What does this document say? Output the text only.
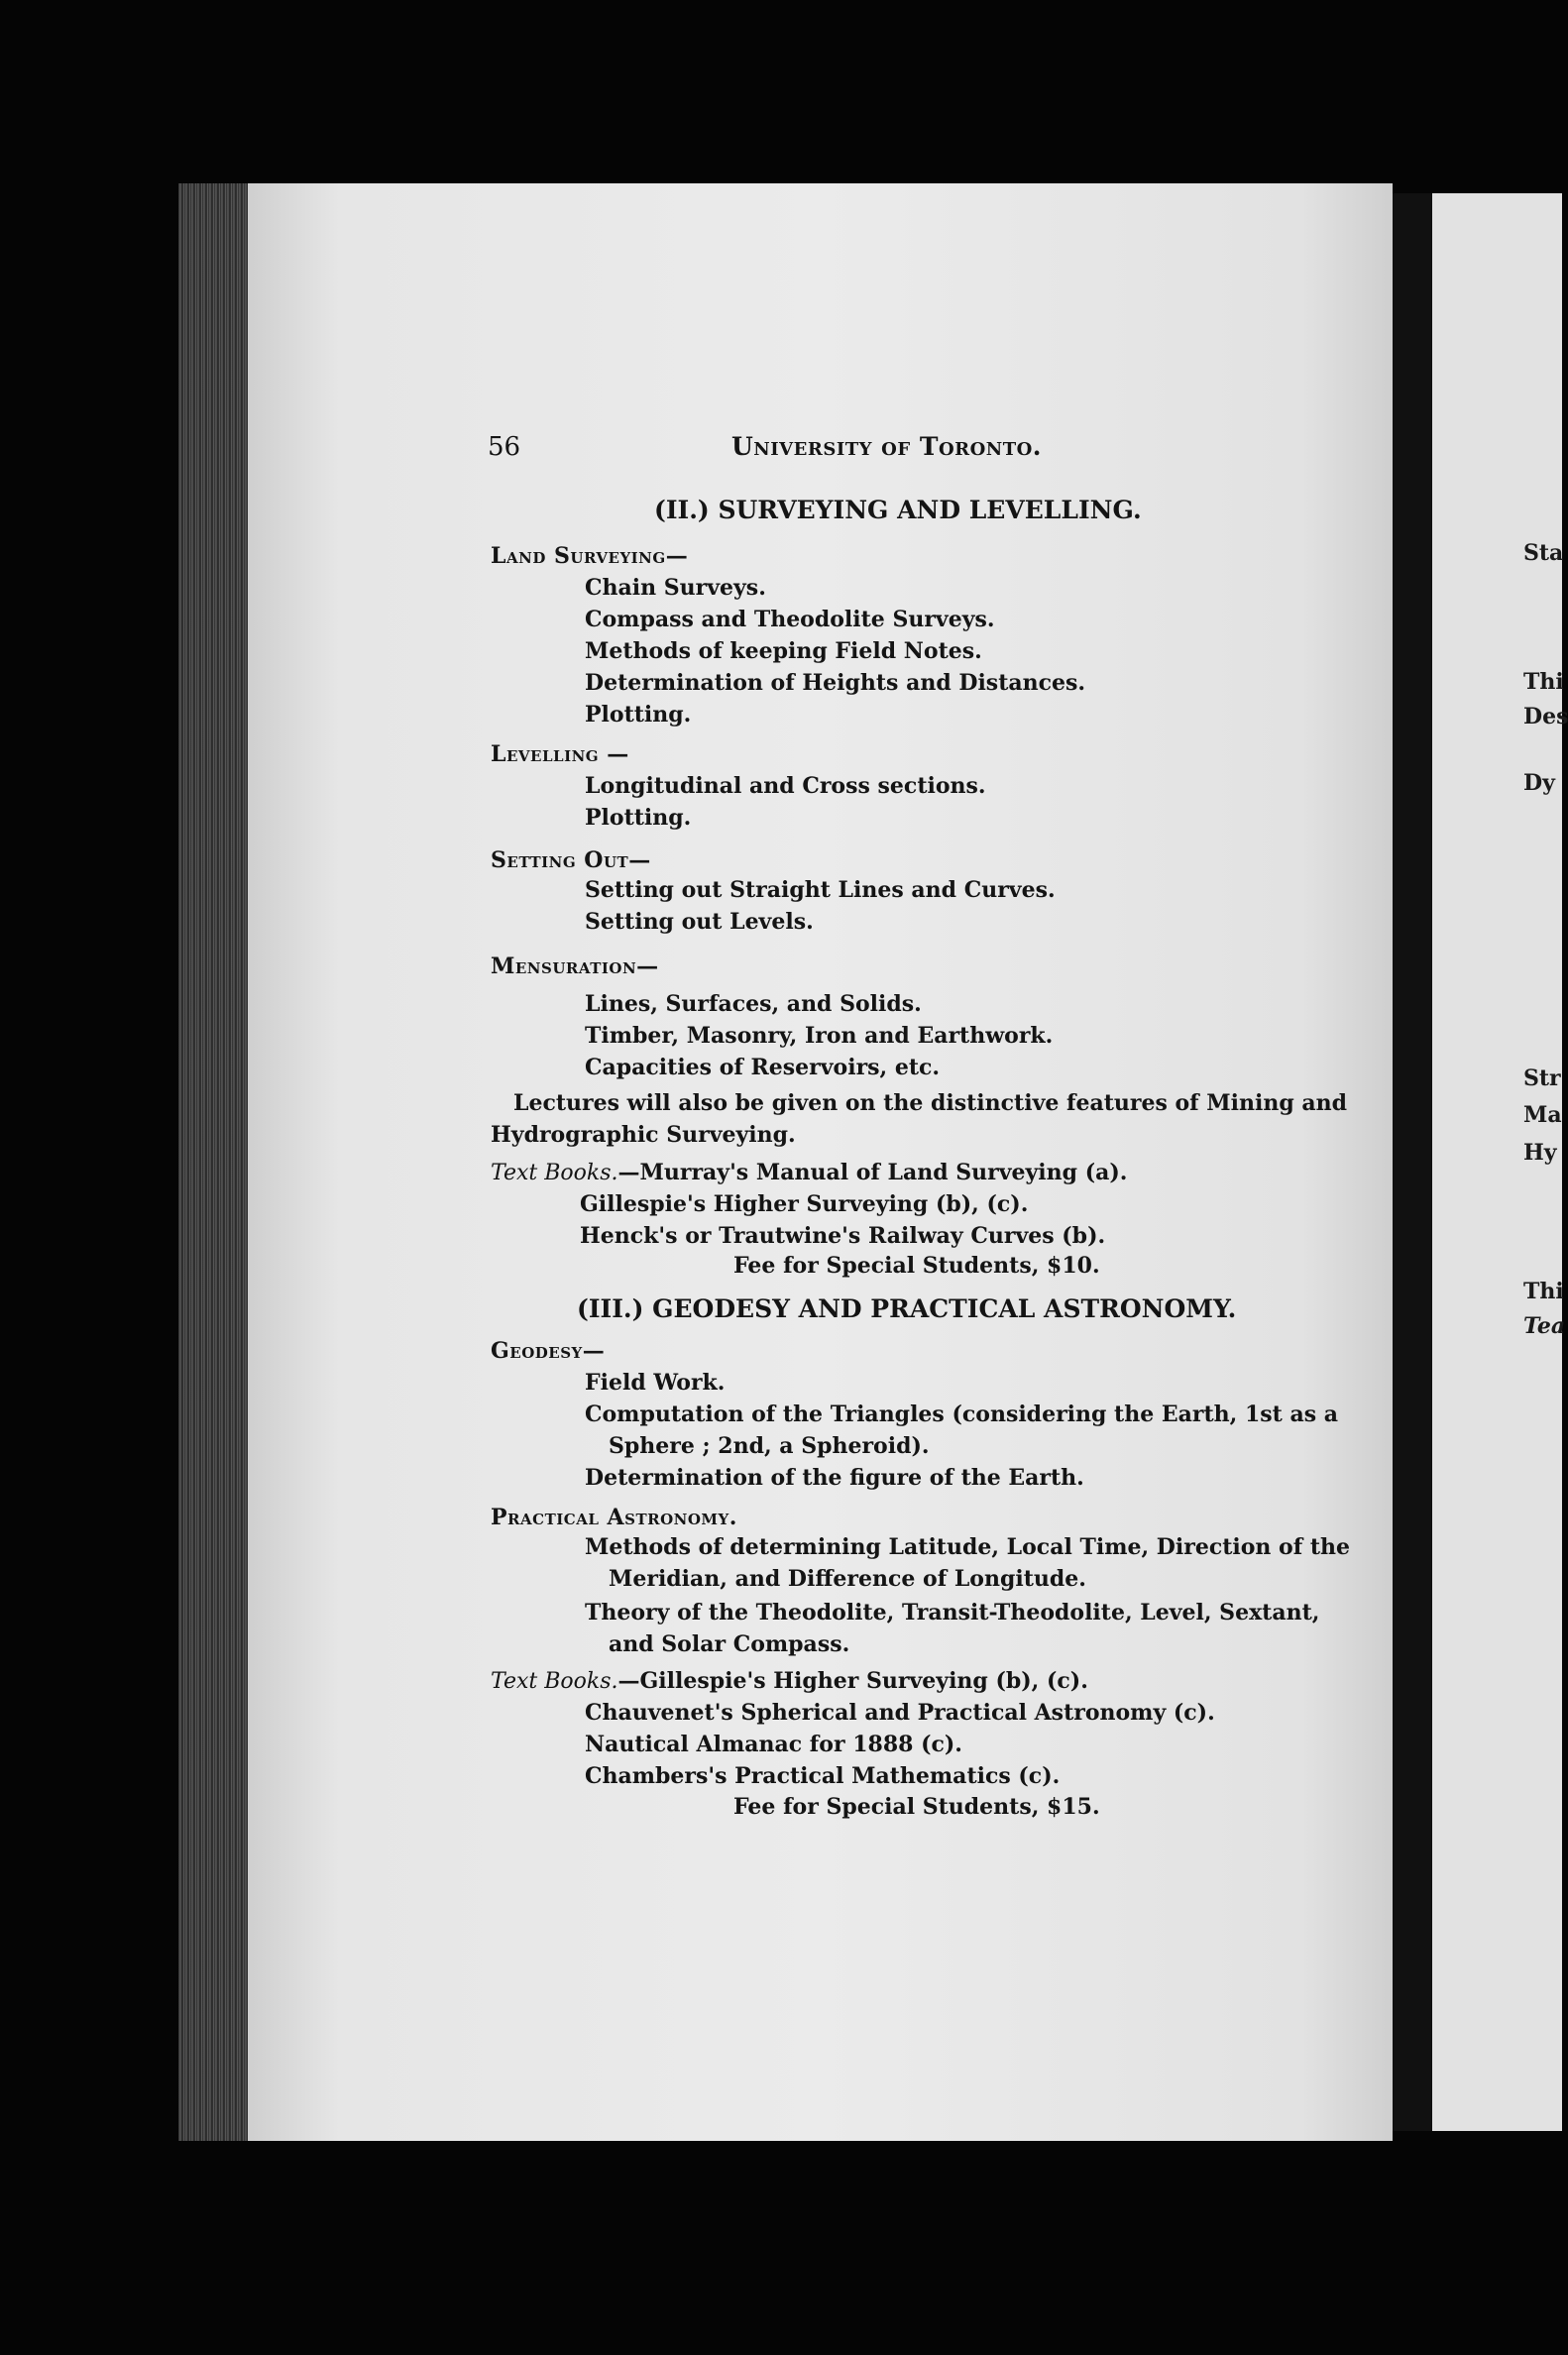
Sta
Thi
Des
Dy
Str
Ma
Hy
Thi
Tea
56	University of Toronto.
(II.) SURVEYING AND LEVELLING.
Land Surveying—
Chain Surveys.
Compass and Theodolite Surveys.
Methods of keeping Field Notes.
Determination of Heights and Distances.
Plotting.
Levelling —
Longitudinal and Cross sections.
Plotting.
Setting Out—
Setting out Straight Lines and Curves.
Setting out Levels.
Mensuration—
Lines, Surfaces, and Solids.
Timber, Masonry, Iron and Earthwork.
Capacities of Reservoirs, etc.
Lectures will also be given on the distinctive features of Mining and
Hydrographic Surveying.
Text Books.—Murray's Manual of Land Surveying (a).
Gillespie's Higher Surveying (b), (c).
Henck's or Trautwine's Railway Curves (b).
Fee for Special Students, $10.
(III.) GEODESY AND PRACTICAL ASTRONOMY.
Geodesy—
Field Work.
Computation of the Triangles (considering the Earth, 1st as a
Sphere ; 2nd, a Spheroid).
Determination of the figure of the Earth.
Practical Astronomy.
Methods of determining Latitude, Local Time, Direction of the
Meridian, and Difference of Longitude.
Theory of the Theodolite, Transit-Theodolite, Level, Sextant,
and Solar Compass.
Text Books.—Gillespie's Higher Surveying (b), (c).
Chauvenet's Spherical and Practical Astronomy (c).
Nautical Almanac for 1888 (c).
Chambers's Practical Mathematics (c).
Fee for Special Students, $15.
